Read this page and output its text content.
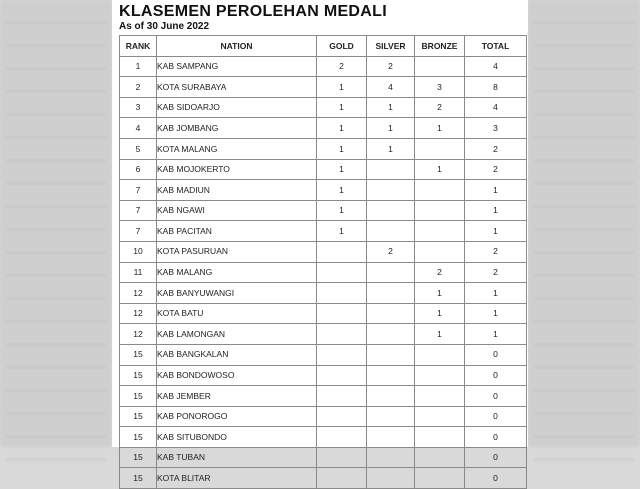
KLASEMEN PEROLEHAN MEDALI
As of 30 June 2022
RANK	NATION	GOLD	SILVER	BRONZE	TOTAL
1	KAB SAMPANG	2	2		4
2	KOTA SURABAYA	1	4	3	8
3	KAB SIDOARJO	1	1	2	4
4	KAB JOMBANG	1	1	1	3
5	KOTA MALANG	1	1		2
6	KAB MOJOKERTO	1		1	2
7	KAB MADIUN	1			1
7	KAB NGAWI	1			1
7	KAB PACITAN	1			1
10	KOTA PASURUAN		2		2
11	KAB MALANG			2	2
12	KAB BANYUWANGI			1	1
12	KOTA BATU			1	1
12	KAB LAMONGAN			1	1
15	KAB BANGKALAN				0
15	KAB BONDOWOSO				0
15	KAB JEMBER				0
15	KAB PONOROGO				0
15	KAB SITUBONDO				0
15	KAB TUBAN				0
15	KOTA BLITAR				0
